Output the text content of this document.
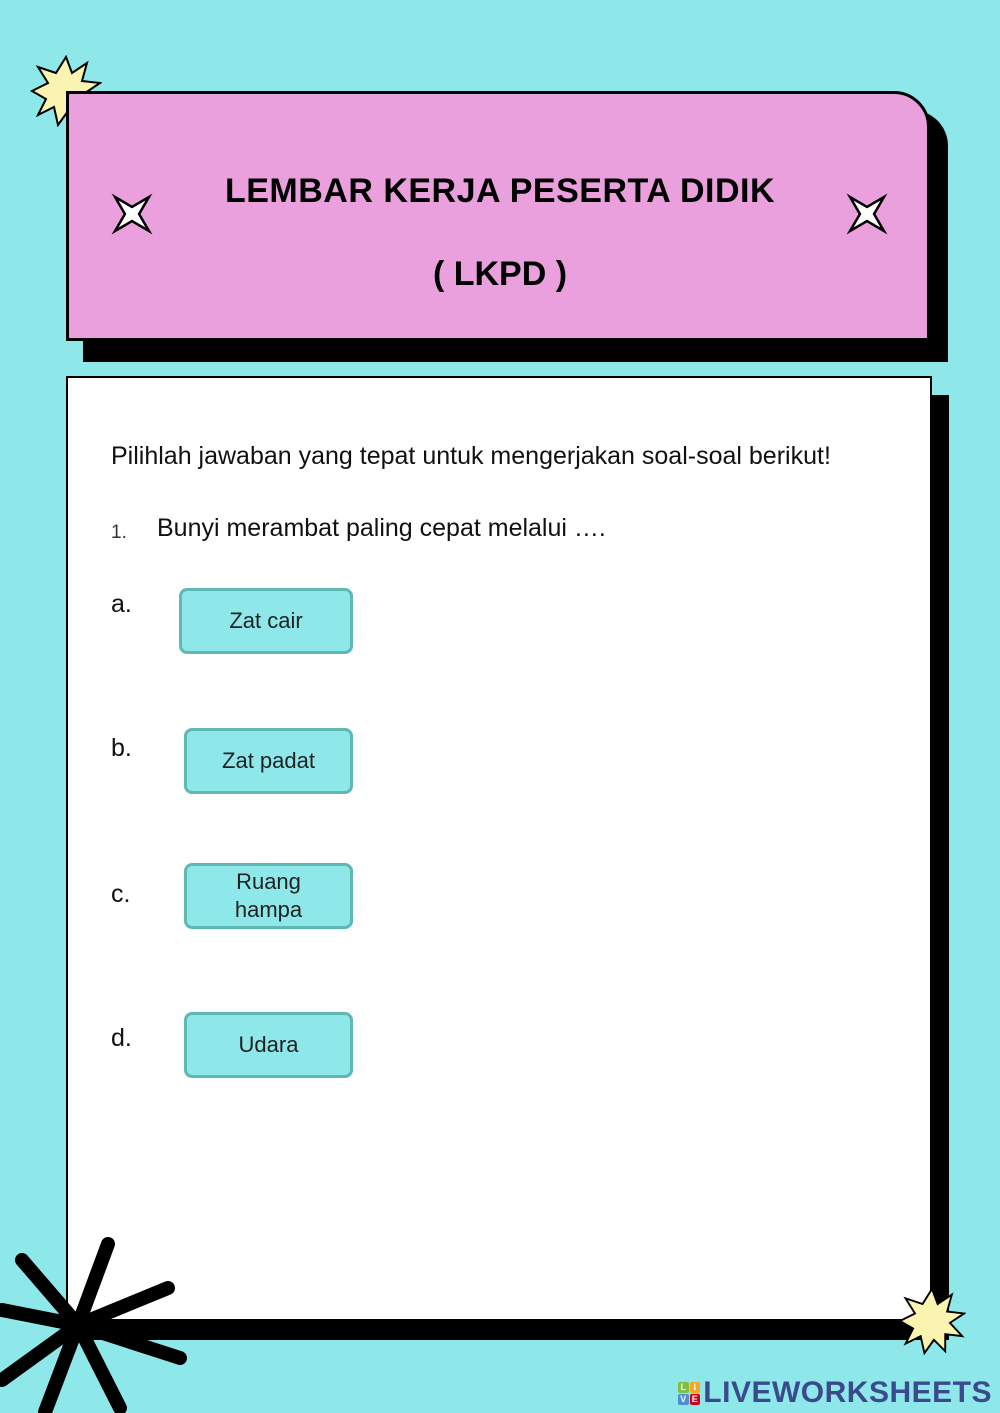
LEMBAR KERJA PESERTA DIDIK
( LKPD )
Pilihlah jawaban yang tepat untuk mengerjakan soal-soal berikut!
1. Bunyi merambat paling cepat melalui ….
a.
Zat cair
b.	Zat padat
c.	Ruang
hampa
d.	Udara
L I
V E LIVEWORKSHEETS
